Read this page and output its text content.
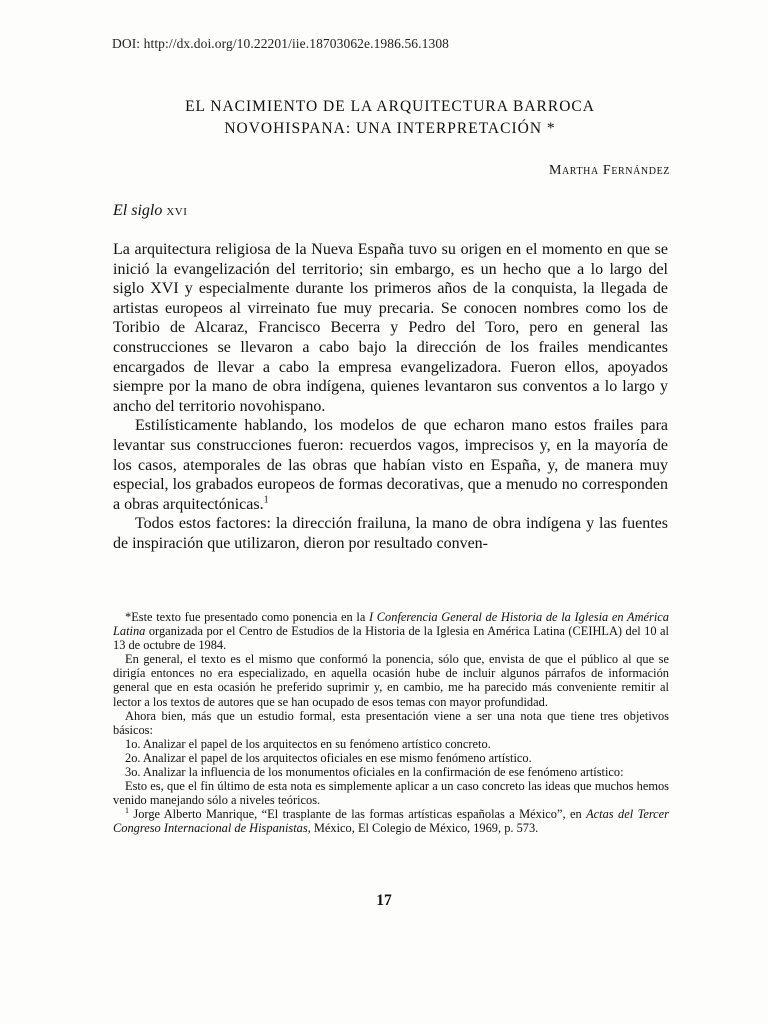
DOI: http://dx.doi.org/10.22201/iie.18703062e.1986.56.1308
EL NACIMIENTO DE LA ARQUITECTURA BARROCA
NOVOHISPANA: UNA INTERPRETACIÓN *
Martha Fernández
El siglo xvi

La arquitectura religiosa de la Nueva España tuvo su origen en el momento en que se inició la evangelización del territorio; sin embargo, es un hecho que a lo largo del siglo XVI y especialmente durante los primeros años de la conquista, la llegada de artistas europeos al virreinato fue muy precaria. Se conocen nombres como los de Toribio de Alcaraz, Francisco Becerra y Pedro del Toro, pero en general las construcciones se llevaron a cabo bajo la dirección de los frailes mendicantes encargados de llevar a cabo la empresa evangelizadora. Fueron ellos, apoyados siempre por la mano de obra indígena, quienes levantaron sus conventos a lo largo y ancho del territorio novohispano.

Estilísticamente hablando, los modelos de que echaron mano estos frailes para levantar sus construcciones fueron: recuerdos vagos, imprecisos y, en la mayoría de los casos, atemporales de las obras que habían visto en España, y, de manera muy especial, los grabados europeos de formas decorativas, que a menudo no corresponden a obras arquitectónicas.$^1$

Todos estos factores: la dirección frailuna, la mano de obra indígena y las fuentes de inspiración que utilizaron, dieron por resultado conven-

*Este texto fue presentado como ponencia en la I Conferencia General de Historia de la Iglesia en América Latina organizada por el Centro de Estudios de la Historia de la Iglesia en América Latina (CEIHLA) del 10 al 13 de octubre de 1984.

En general, el texto es el mismo que conformó la ponencia, sólo que, envista de que el público al que se dirigía entonces no era especializado, en aquella ocasión hube de incluir algunos párrafos de información general que en esta ocasión he preferido suprimir y, en cambio, me ha parecido más conveniente remitir al lector a los textos de autores que se han ocupado de esos temas con mayor profundidad.

Ahora bien, más que un estudio formal, esta presentación viene a ser una nota que tiene tres objetivos básicos:

1o. Analizar el papel de los arquitectos en su fenómeno artístico concreto.

2o. Analizar el papel de los arquitectos oficiales en ese mismo fenómeno artístico.

3o. Analizar la influencia de los monumentos oficiales en la confirmación de ese fenómeno artístico:

Esto es, que el fin último de esta nota es simplemente aplicar a un caso concreto las ideas que muchos hemos venido manejando sólo a niveles teóricos.

$^1$ Jorge Alberto Manrique, “El trasplante de las formas artísticas españolas a México”, en Actas del Tercer Congreso Internacional de Hispanistas, México, El Colegio de México, 1969, p. 573.

17
